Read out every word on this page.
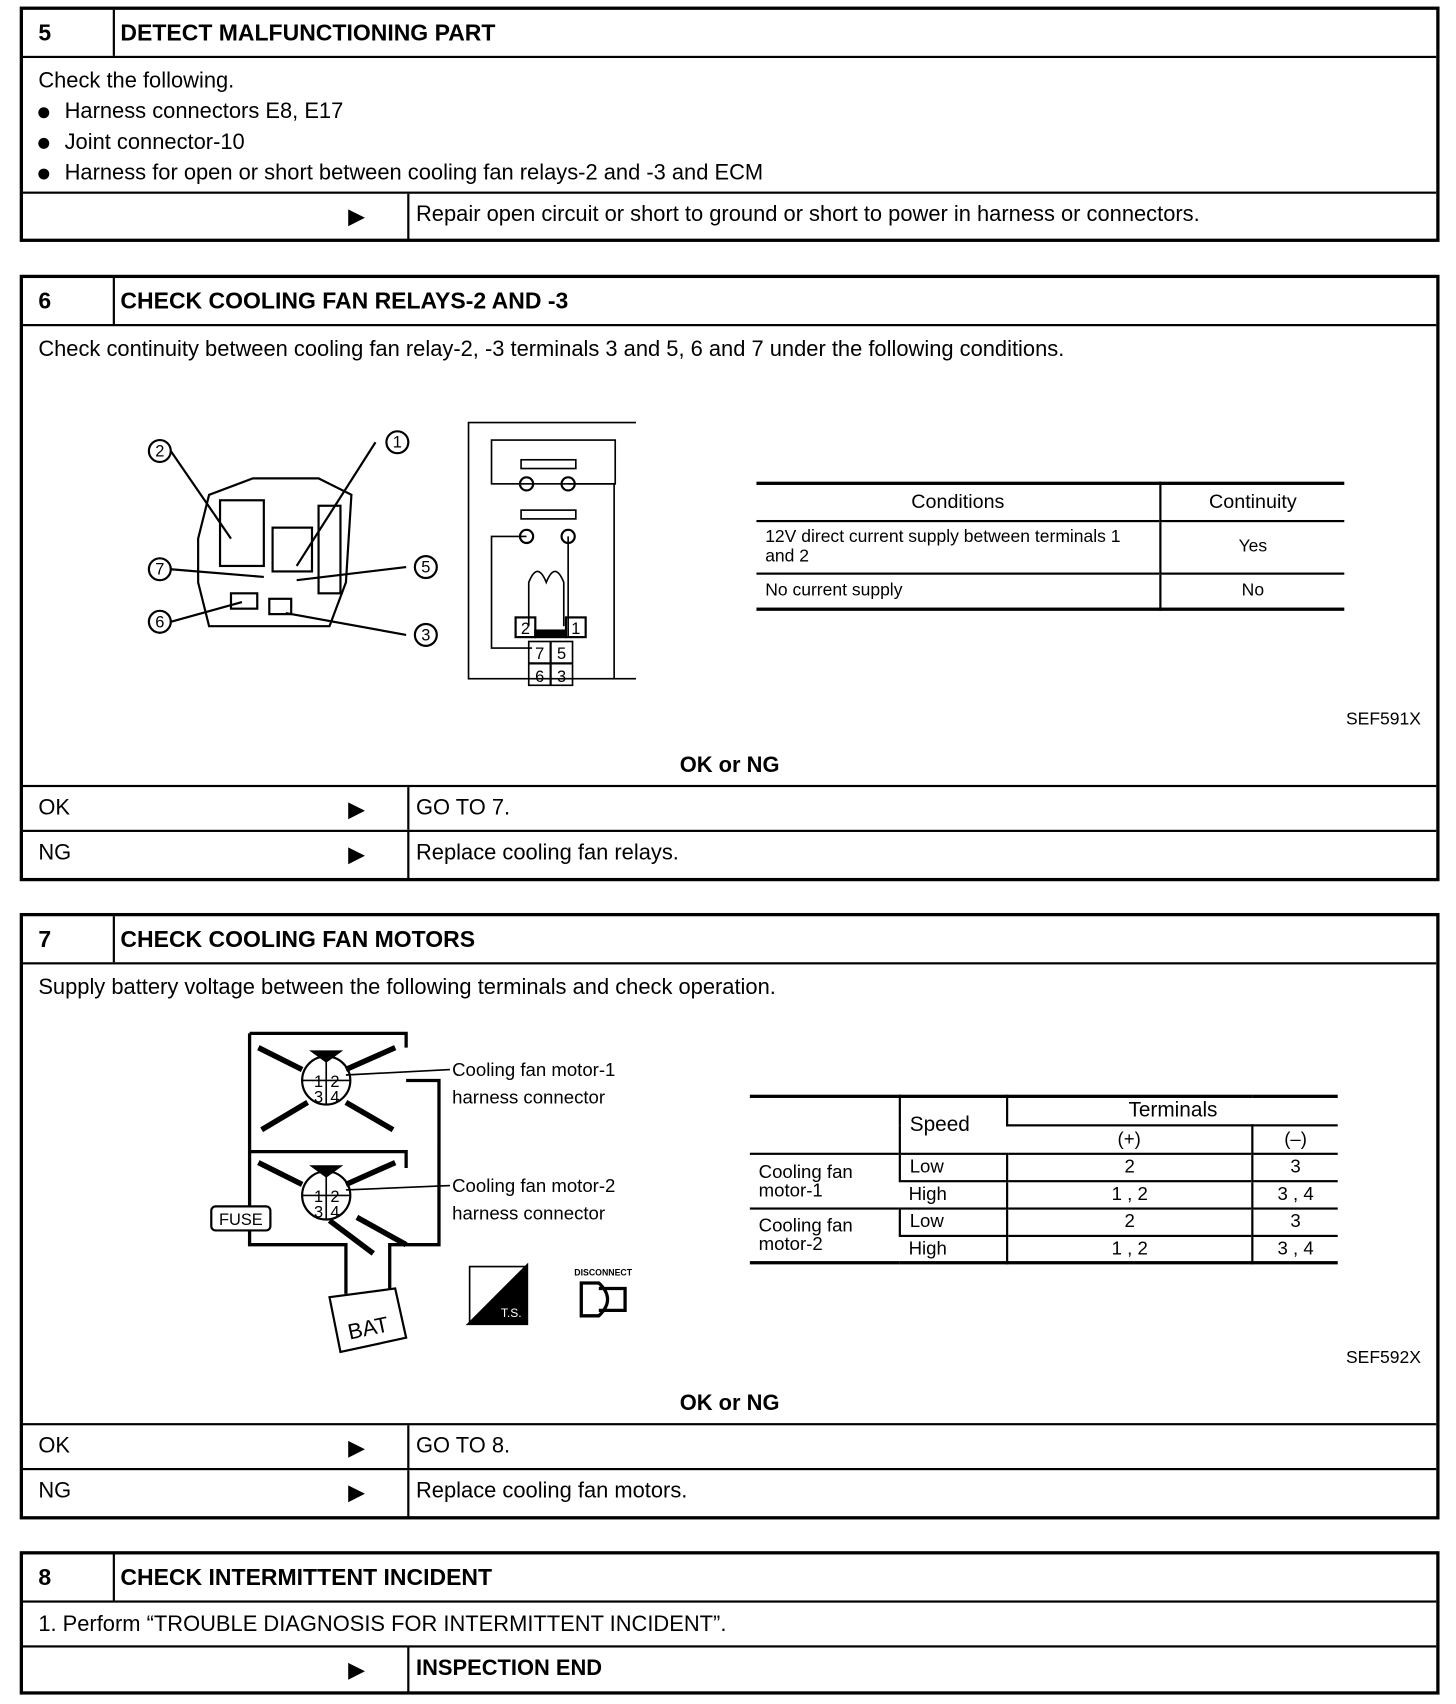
5	DETECT MALFUNCTIONING PART
Check the following.
Harness connectors E8, E17
Joint connector-10
Harness for open or short between cooling fan relays-2 and -3 and ECM
▶	Repair open circuit or short to ground or short to power in harness or connectors.
6	CHECK COOLING FAN RELAYS-2 AND -3
Check continuity between cooling fan relay-2, -3 terminals 3 and 5, 6 and 7 under the following conditions.
2	1
7	5
6
3	2	1
7 5
6 3
Conditions	Continuity
12V direct current supply between terminals 1 and 2	Yes
No current supply	No
SEF591X
OK or NG
OK	▶	GO TO 7.
NG	▶	Replace cooling fan relays.
7	CHECK COOLING FAN MOTORS
Supply battery voltage between the following terminals and check operation.
1 2
3 4
1 2
3 4
FUSE
BAT	T.S.
DISCONNECT
Cooling fan motor-1
harness connector
Cooling fan motor-2
harness connector
	Speed	Terminals	
		(+)	(–)
Cooling fan motor-1	Low	2	3
	High	1 , 2	3 , 4
Cooling fan motor-2	Low	2	3
	High	1 , 2	3 , 4
SEF592X
OK or NG
OK	▶	GO TO 8.
NG	▶	Replace cooling fan motors.
8	CHECK INTERMITTENT INCIDENT
1. Perform “TROUBLE DIAGNOSIS FOR INTERMITTENT INCIDENT”.
▶	INSPECTION END
